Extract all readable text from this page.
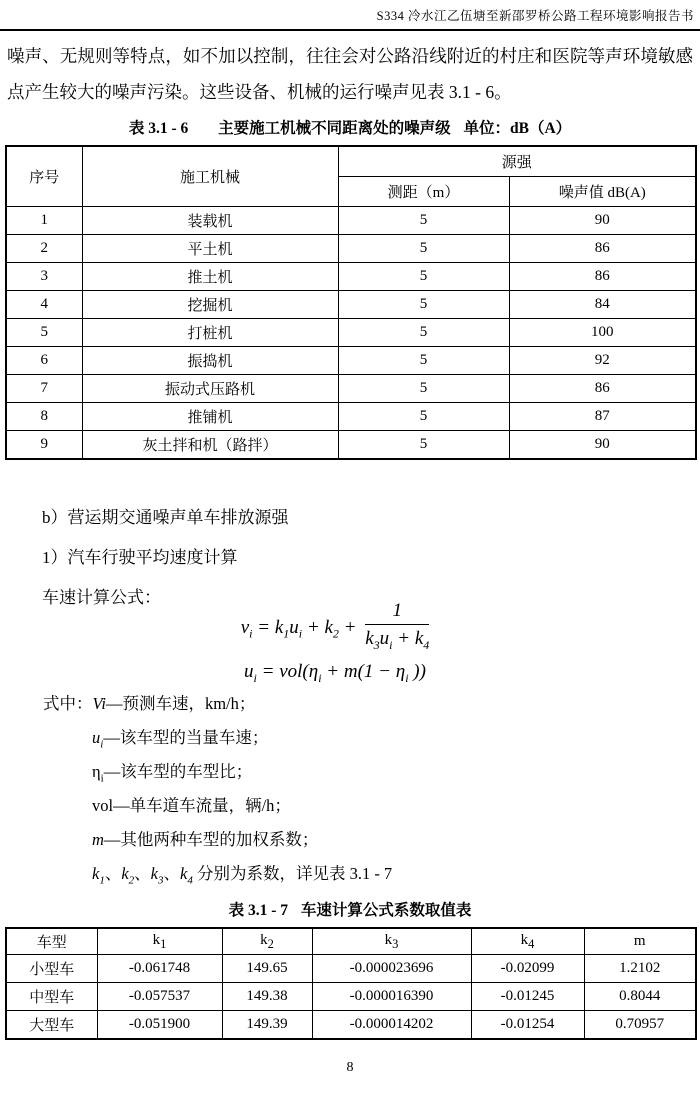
S334 冷水江乙伍塘至新邵罗桥公路工程环境影响报告书

噪声、无规则等特点，如不加以控制，往往会对公路沿线附近的村庄和医院等声环境敏感点产生较大的噪声污染。这些设备、机械的运行噪声见表 3.1 - 6。

表 3.1 - 6 主要施工机械不同距离处的噪声级 单位：dB（A）
序号	施工机械	源强	
		测距（m）	噪声值 dB(A)
1	装载机	5	90
2	平土机	5	86
3	推土机	5	86
4	挖掘机	5	84
5	打桩机	5	100
6	振捣机	5	92
7	振动式压路机	5	86
8	推铺机	5	87
9	灰土拌和机（路拌）	5	90
b）营运期交通噪声单车排放源强
1）汽车行驶平均速度计算
车速计算公式：
$v_i = k_1u_i + k_2 + \frac{1}{k_3u_i + k_4}$
$u_i = vol(\eta_i + m(1 - \eta_i$ ))
式中：Vi—预测车速，km/h；
$u_i—$该车型的当量车速；
$\eta_i—$该车型的车型比；
vol—单车道车流量，辆/h；
m—其他两种车型的加权系数；
$k_1$、$k_2$、$k_3$、$k_4$ 分别为系数，详见表 3.1 - 7
表 3.1 - 7 车速计算公式系数取值表
车型	$k_1$	$k_2$	$k_3$	$k_4$	m
小型车	-0.061748	149.65	-0.000023696	-0.02099	1.2102
中型车	-0.057537	149.38	-0.000016390	-0.01245	0.8044
大型车	-0.051900	149.39	-0.000014202	-0.01254	0.70957
8
